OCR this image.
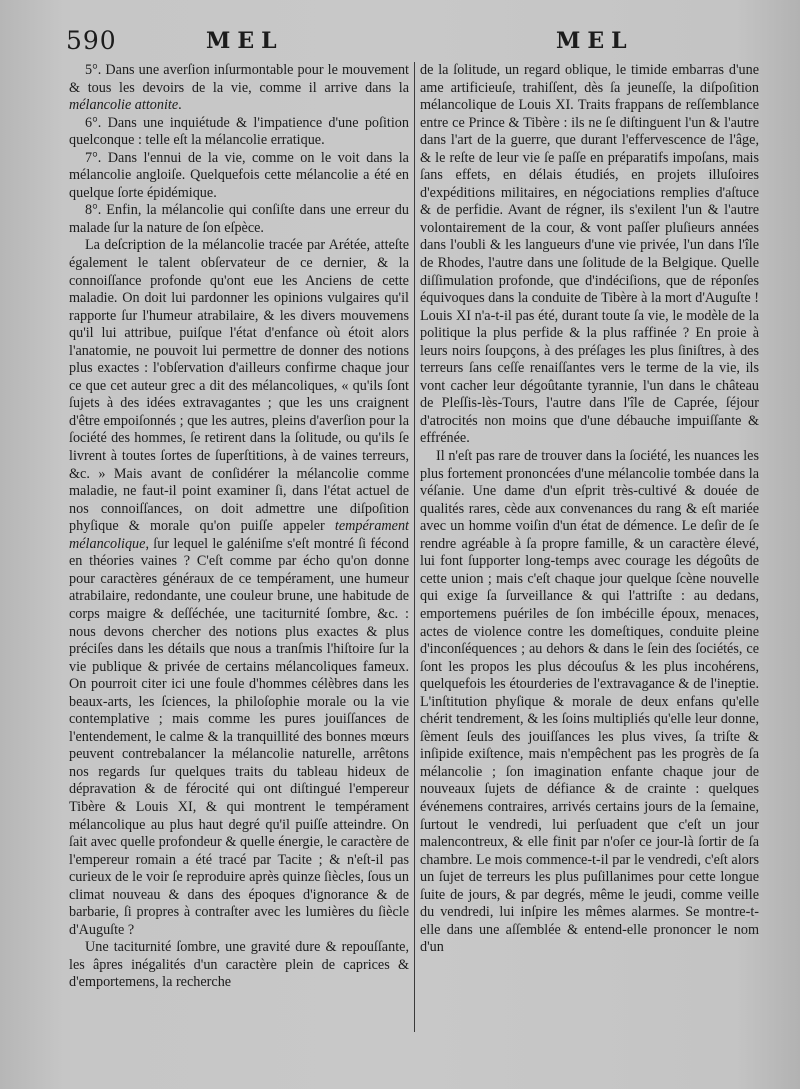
590	MEL	MEL

5°. Dans une averſion inſurmontable pour le mouvement & tous les devoirs de la vie, comme il arrive dans la mélancolie attonite.

6°. Dans une inquiétude & l'impatience d'une poſition quelconque : telle eſt la mélancolie erratique.

7°. Dans l'ennui de la vie, comme on le voit dans la mélancolie angloiſe. Quelquefois cette mélancolie a été en quelque ſorte épidémique.

8°. Enfin, la mélancolie qui conſiſte dans une erreur du malade ſur la nature de ſon eſpèce.

La deſcription de la mélancolie tracée par Arétée, atteſte également le talent obſervateur de ce dernier, & la connoiſſance profonde qu'ont eue les Anciens de cette maladie. On doit lui pardonner les opinions vulgaires qu'il rapporte ſur l'humeur atrabilaire, & les divers mouvemens qu'il lui attribue, puiſque l'état d'enfance où étoit alors l'anatomie, ne pouvoit lui permettre de donner des notions plus exactes : l'obſervation d'ailleurs confirme chaque jour ce que cet auteur grec a dit des mélancoliques, « qu'ils ſont ſujets à des idées extravagantes ; que les uns craignent d'être empoiſonnés ; que les autres, pleins d'averſion pour la ſociété des hommes, ſe retirent dans la ſolitude, ou qu'ils ſe livrent à toutes ſortes de ſuperſtitions, à de vaines terreurs, &c. » Mais avant de conſidérer la mélancolie comme maladie, ne faut-il point examiner ſi, dans l'état actuel de nos connoiſſances, on doit admettre une diſpoſition phyſique & morale qu'on puiſſe appeler tempérament mélancolique, ſur lequel le galéniſme s'eſt montré ſi fécond en théories vaines ? C'eſt comme par écho qu'on donne pour caractères généraux de ce tempérament, une humeur atrabilaire, redondante, une couleur brune, une habitude de corps maigre & deſſéchée, une taciturnité ſombre, &c. : nous devons chercher des notions plus exactes & plus préciſes dans les détails que nous a tranſmis l'hiſtoire ſur la vie publique & privée de certains mélancoliques fameux. On pourroit citer ici une foule d'hommes célèbres dans les beaux-arts, les ſciences, la philoſophie morale ou la vie contemplative ; mais comme les pures jouiſſances de l'entendement, le calme & la tranquillité des bonnes mœurs peuvent contrebalancer la mélancolie naturelle, arrêtons nos regards ſur quelques traits du tableau hideux de dépravation & de férocité qui ont diſtingué l'empereur Tibère & Louis XI, & qui montrent le tempérament mélancolique au plus haut degré qu'il puiſſe atteindre. On ſait avec quelle profondeur & quelle énergie, le caractère de l'empereur romain a été tracé par Tacite ; & n'eſt-il pas curieux de le voir ſe reproduire après quinze ſiècles, ſous un climat nouveau & dans des époques d'ignorance & de barbarie, ſi propres à contraſter avec les lumières du ſiècle d'Auguſte ?

Une taciturnité ſombre, une gravité dure & repouſſante, les âpres inégalités d'un caractère plein de caprices & d'emportemens, la recherche

de la ſolitude, un regard oblique, le timide embarras d'une ame artificieuſe, trahiſſent, dès ſa jeuneſſe, la diſpoſition mélancolique de Louis XI. Traits frappans de reſſemblance entre ce Prince & Tibère : ils ne ſe diſtinguent l'un & l'autre dans l'art de la guerre, que durant l'effervescence de l'âge, & le reſte de leur vie ſe paſſe en préparatifs impoſans, mais ſans effets, en délais étudiés, en projets illuſoires d'expéditions militaires, en négociations remplies d'aſtuce & de perfidie. Avant de régner, ils s'exilent l'un & l'autre volontairement de la cour, & vont paſſer pluſieurs années dans l'oubli & les langueurs d'une vie privée, l'un dans l'île de Rhodes, l'autre dans une ſolitude de la Belgique. Quelle diſſimulation profonde, que d'indéciſions, que de réponſes équivoques dans la conduite de Tibère à la mort d'Auguſte ! Louis XI n'a-t-il pas été, durant toute ſa vie, le modèle de la politique la plus perfide & la plus raffinée ? En proie à leurs noirs ſoupçons, à des préſages les plus ſiniſtres, à des terreurs ſans ceſſe renaiſſantes vers le terme de la vie, ils vont cacher leur dégoûtante tyrannie, l'un dans le château de Pleſſis-lès-Tours, l'autre dans l'île de Caprée, ſéjour d'atrocités non moins que d'une débauche impuiſſante & effrénée.

Il n'eſt pas rare de trouver dans la ſociété, les nuances les plus fortement prononcées d'une mélancolie tombée dans la véſanie. Une dame d'un eſprit très-cultivé & douée de qualités rares, cède aux convenances du rang & eſt mariée avec un homme voiſin d'un état de démence. Le deſir de ſe rendre agréable à ſa propre famille, & un caractère élevé, lui font ſupporter long-temps avec courage les dégoûts de cette union ; mais c'eſt chaque jour quelque ſcène nouvelle qui exige ſa ſurveillance & qui l'attriſte : au dedans, emportemens puériles de ſon imbécille époux, menaces, actes de violence contre les domeſtiques, conduite pleine d'inconſéquences ; au dehors & dans le ſein des ſociétés, ce ſont les propos les plus découſus & les plus incohérens, quelquefois les étourderies de l'extravagance & de l'ineptie. L'inſtitution phyſique & morale de deux enfans qu'elle chérit tendrement, & les ſoins multipliés qu'elle leur donne, ſèment ſeuls des jouiſſances les plus vives, ſa triſte & inſipide exiſtence, mais n'empêchent pas les progrès de ſa mélancolie ; ſon imagination enfante chaque jour de nouveaux ſujets de défiance & de crainte : quelques événemens contraires, arrivés certains jours de la ſemaine, ſurtout le vendredi, lui perſuadent que c'eſt un jour malencontreux, & elle finit par n'oſer ce jour-là ſortir de ſa chambre. Le mois commence-t-il par le vendredi, c'eſt alors un ſujet de terreurs les plus puſillanimes pour cette longue ſuite de jours, & par degrés, même le jeudi, comme veille du vendredi, lui inſpire les mêmes alarmes. Se montre-t-elle dans une aſſemblée & entend-elle prononcer le nom d'un
